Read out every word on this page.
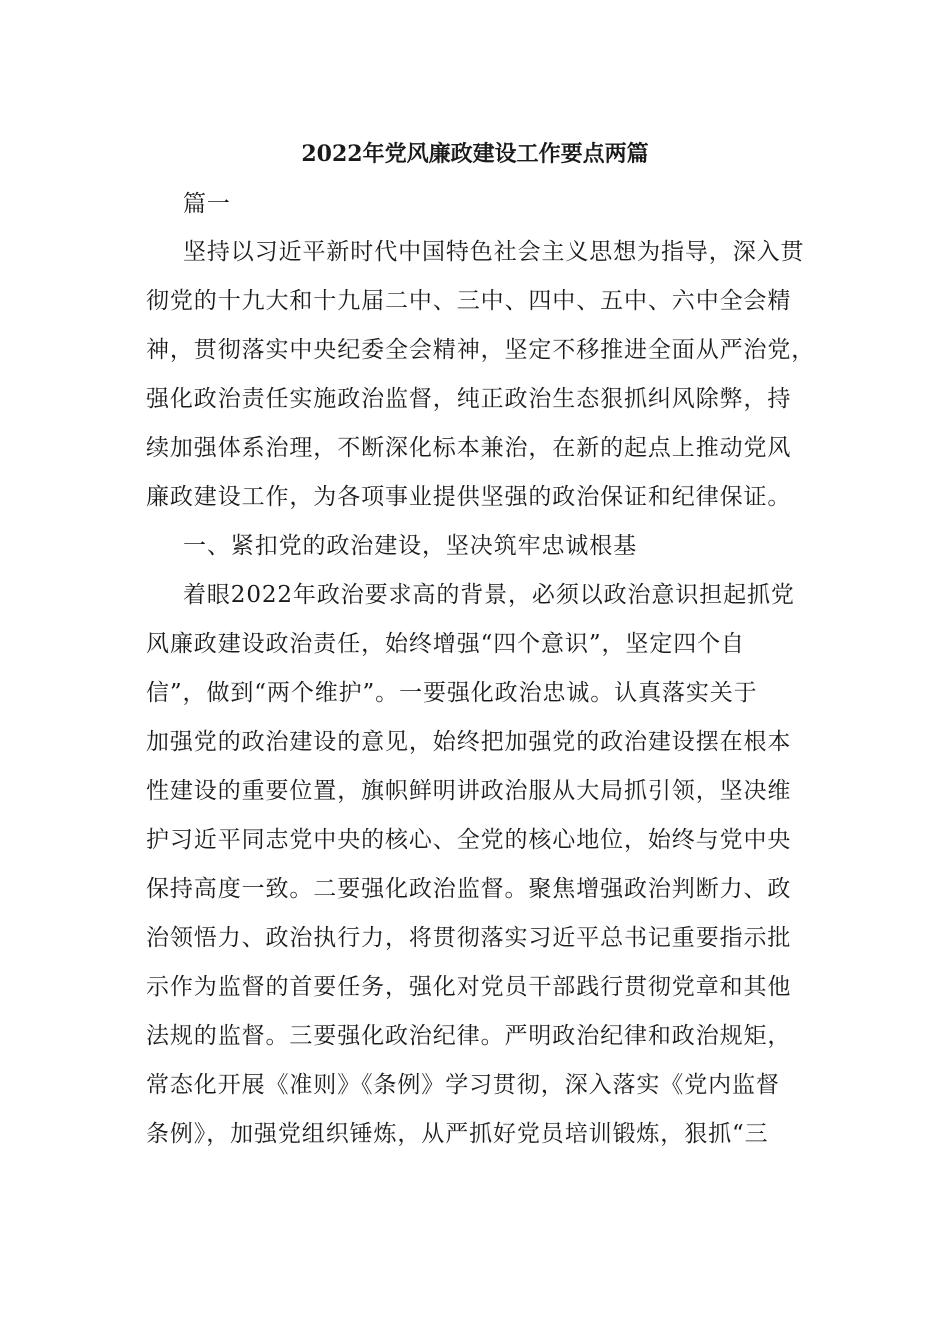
2022年党风廉政建设工作要点两篇
篇一
坚持以习近平新时代中国特色社会主义思想为指导，深入贯
彻党的十九大和十九届二中、三中、四中、五中、六中全会精
神，贯彻落实中央纪委全会精神，坚定不移推进全面从严治党，
强化政治责任实施政治监督，纯正政治生态狠抓纠风除弊，持
续加强体系治理，不断深化标本兼治，在新的起点上推动党风
廉政建设工作，为各项事业提供坚强的政治保证和纪律保证。
一、紧扣党的政治建设，坚决筑牢忠诚根基
着眼2022年政治要求高的背景，必须以政治意识担起抓党
风廉政建设政治责任，始终增强“四个意识”，坚定四个自
信”，做到“两个维护”。一要强化政治忠诚。认真落实关于
加强党的政治建设的意见，始终把加强党的政治建设摆在根本
性建设的重要位置，旗帜鲜明讲政治服从大局抓引领，坚决维
护习近平同志党中央的核心、全党的核心地位，始终与党中央
保持高度一致。二要强化政治监督。聚焦增强政治判断力、政
治领悟力、政治执行力，将贯彻落实习近平总书记重要指示批
示作为监督的首要任务，强化对党员干部践行贯彻党章和其他
法规的监督。三要强化政治纪律。严明政治纪律和政治规矩，
常态化开展《准则》《条例》学习贯彻，深入落实《党内监督
条例》，加强党组织锤炼，从严抓好党员培训锻炼，狠抓“三
